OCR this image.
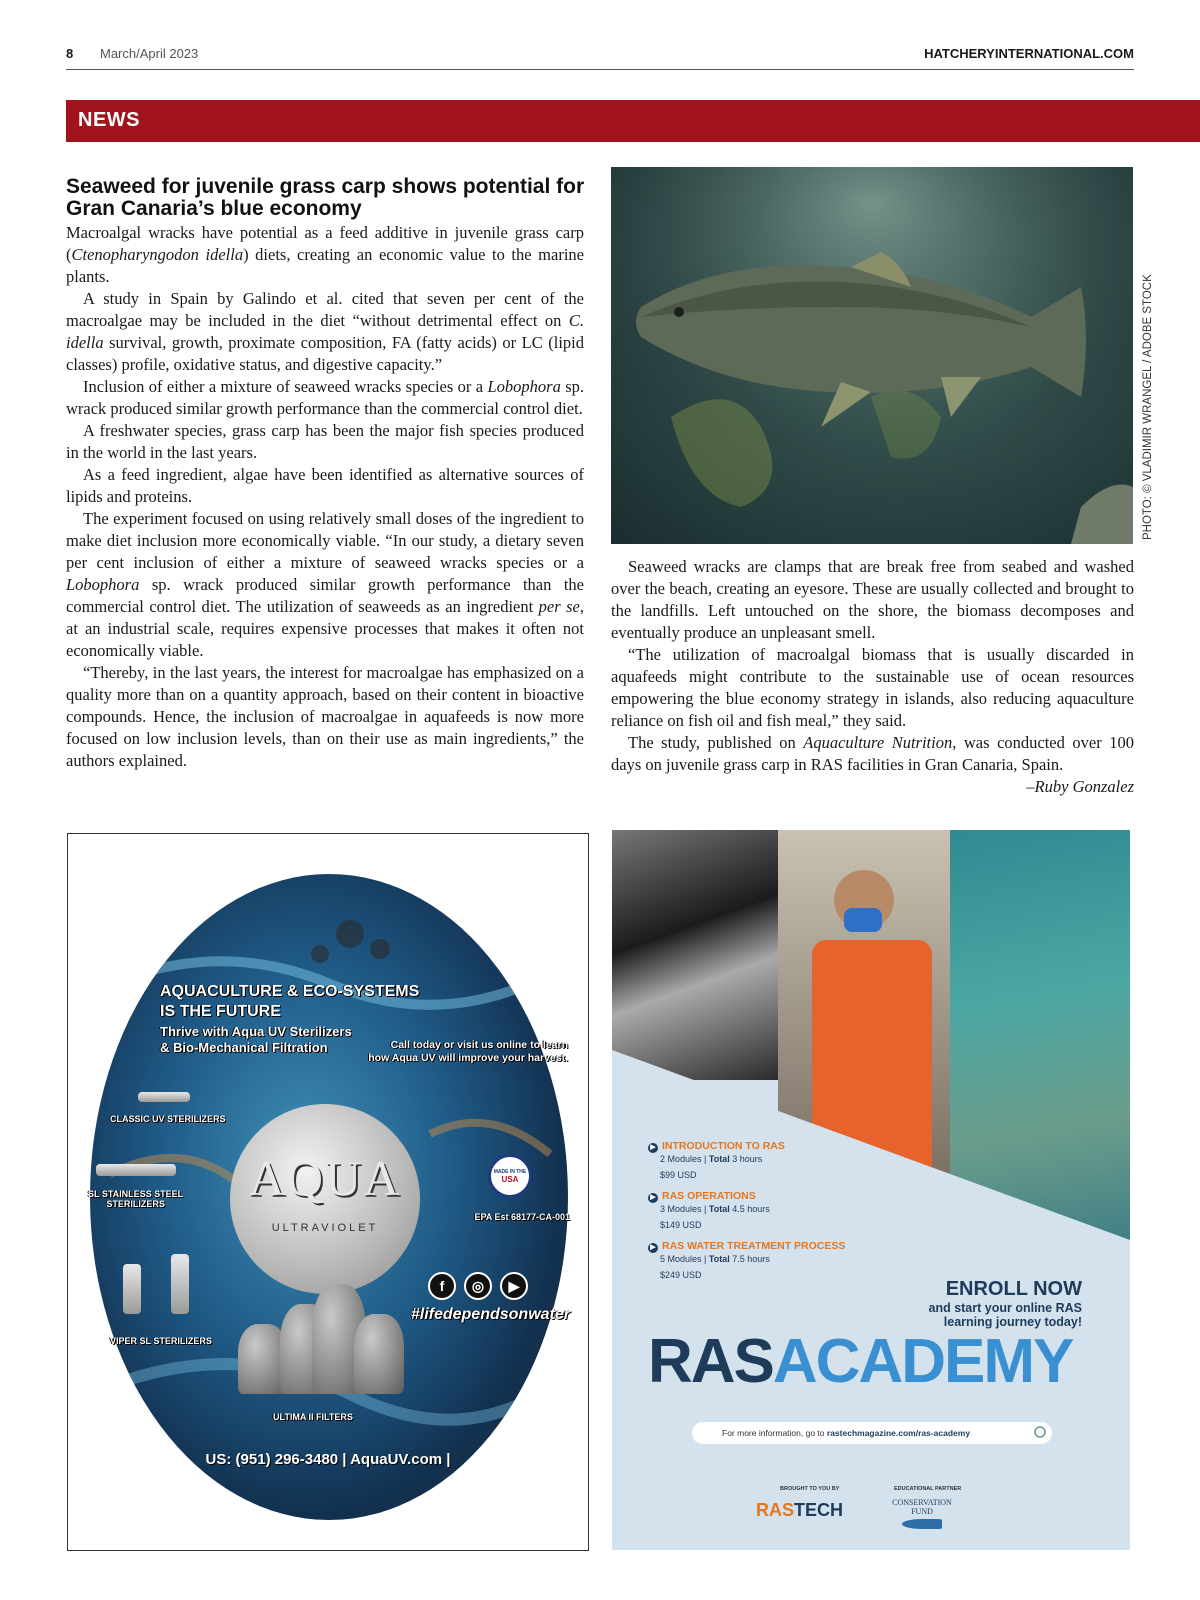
8 March/April 2023	HATCHERYINTERNATIONAL.COM
NEWS
Seaweed for juvenile grass carp shows potential for Gran Canaria’s blue economy

Macroalgal wracks have potential as a feed additive in juvenile grass carp (Ctenopharyngodon idella) diets, creating an economic value to the marine plants.

A study in Spain by Galindo et al. cited that seven per cent of the macroalgae may be included in the diet “without detrimental effect on C. idella survival, growth, proximate composition, FA (fatty acids) or LC (lipid classes) profile, oxidative status, and digestive capacity.”

Inclusion of either a mixture of seaweed wracks species or a Lobophora sp. wrack produced similar growth performance than the commercial control diet.

A freshwater species, grass carp has been the major fish species produced in the world in the last years.

As a feed ingredient, algae have been identified as alternative sources of lipids and proteins.

The experiment focused on using relatively small doses of the ingredient to make diet inclusion more economically viable. “In our study, a dietary seven per cent inclusion of either a mixture of seaweed wracks species or a Lobophora sp. wrack produced similar growth performance than the commercial control diet. The utilization of seaweeds as an ingredient per se, at an industrial scale, requires expensive processes that makes it often not economically viable.

“Thereby, in the last years, the interest for macroalgae has emphasized on a quality more than on a quantity approach, based on their content in bioactive compounds. Hence, the inclusion of macroalgae in aquafeeds is now more focused on low inclusion levels, than on their use as main ingredients,” the authors explained.

PHOTO: © VLADIMIR WRANGEL / ADOBE STOCK

Seaweed wracks are clamps that are break free from seabed and washed over the beach, creating an eyesore. These are usually collected and brought to the landfills. Left untouched on the shore, the biomass decomposes and eventually produce an unpleasant smell.

“The utilization of macroalgal biomass that is usually discarded in aquafeeds might contribute to the sustainable use of ocean resources empowering the blue economy strategy in islands, also reducing aquaculture reliance on fish oil and fish meal,” they said.

The study, published on Aquaculture Nutrition, was conducted over 100 days on juvenile grass carp in RAS facilities in Gran Canaria, Spain.

–Ruby Gonzalez

AQUACULTURE & ECO-SYSTEMS
IS THE FUTURE
Thrive with Aqua UV Sterilizers
& Bio-Mechanical Filtration	Call today or visit us online to learn
how Aqua UV will improve your harvest.
CLASSIC UV STERILIZERS
SL STAINLESS STEEL
STERILIZERS
VIPER SL STERILIZERS
AQUA
ULTRAVIOLET
MADE IN THE
USA
EPA Est 68177-CA-001
f	◎	▶
#lifedependsonwater
ULTIMA II FILTERS
US: (951) 296-3480 | AquaUV.com |
▶ INTRODUCTION TO RAS
2 Modules | Total 3 hours
$99 USD
▶ RAS OPERATIONS
3 Modules | Total 4.5 hours
$149 USD
▶ RAS WATER TREATMENT PROCESS
5 Modules | Total 7.5 hours
$249 USD
ENROLL NOW
and start your online RAS
learning journey today!
RASACADEMY
For more information, go to rastechmagazine.com/ras-academy
BROUGHT TO YOU BY	EDUCATIONAL PARTNER
RASTECH	CONSERVATION FUND
